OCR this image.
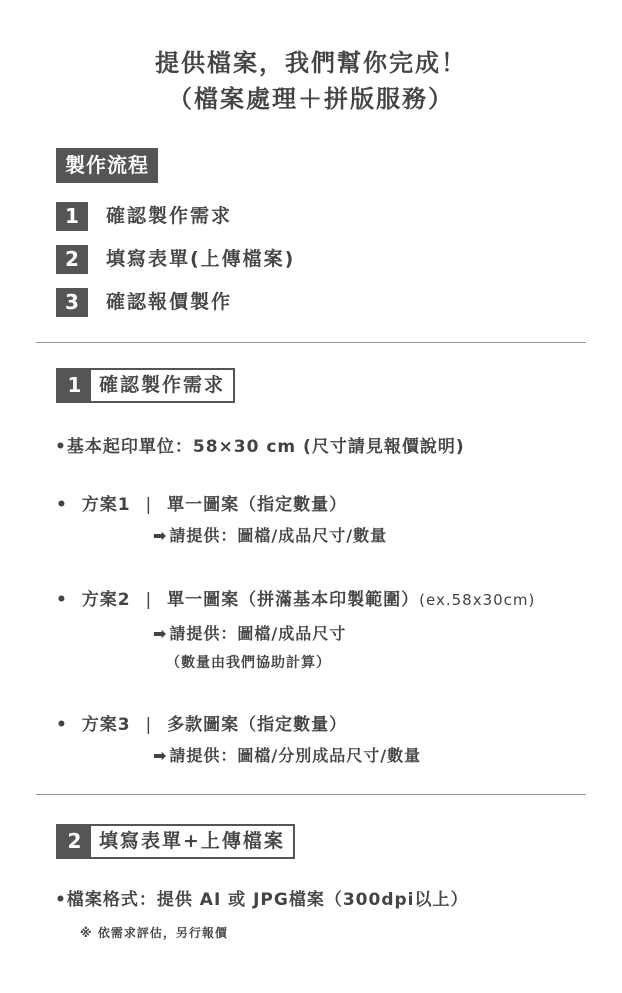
提供檔案，我們幫你完成！
（檔案處理＋拼版服務）
製作流程
1 確認製作需求
2 填寫表單(上傳檔案)
3 確認報價製作
1 確認製作需求
•基本起印單位：58×30 cm (尺寸請見報價說明)
• 方案1 | 單一圖案（指定數量）
➡ 請提供：圖檔/成品尺寸/數量
• 方案2 | 單一圖案（拼滿基本印製範圍）(ex.58x30cm)
➡ 請提供：圖檔/成品尺寸
（數量由我們協助計算）
• 方案3 | 多款圖案（指定數量）
➡ 請提供：圖檔/分別成品尺寸/數量
2 填寫表單+上傳檔案
•檔案格式：提供 AI 或 JPG檔案（300dpi以上）
※ 依需求評估，另行報價
